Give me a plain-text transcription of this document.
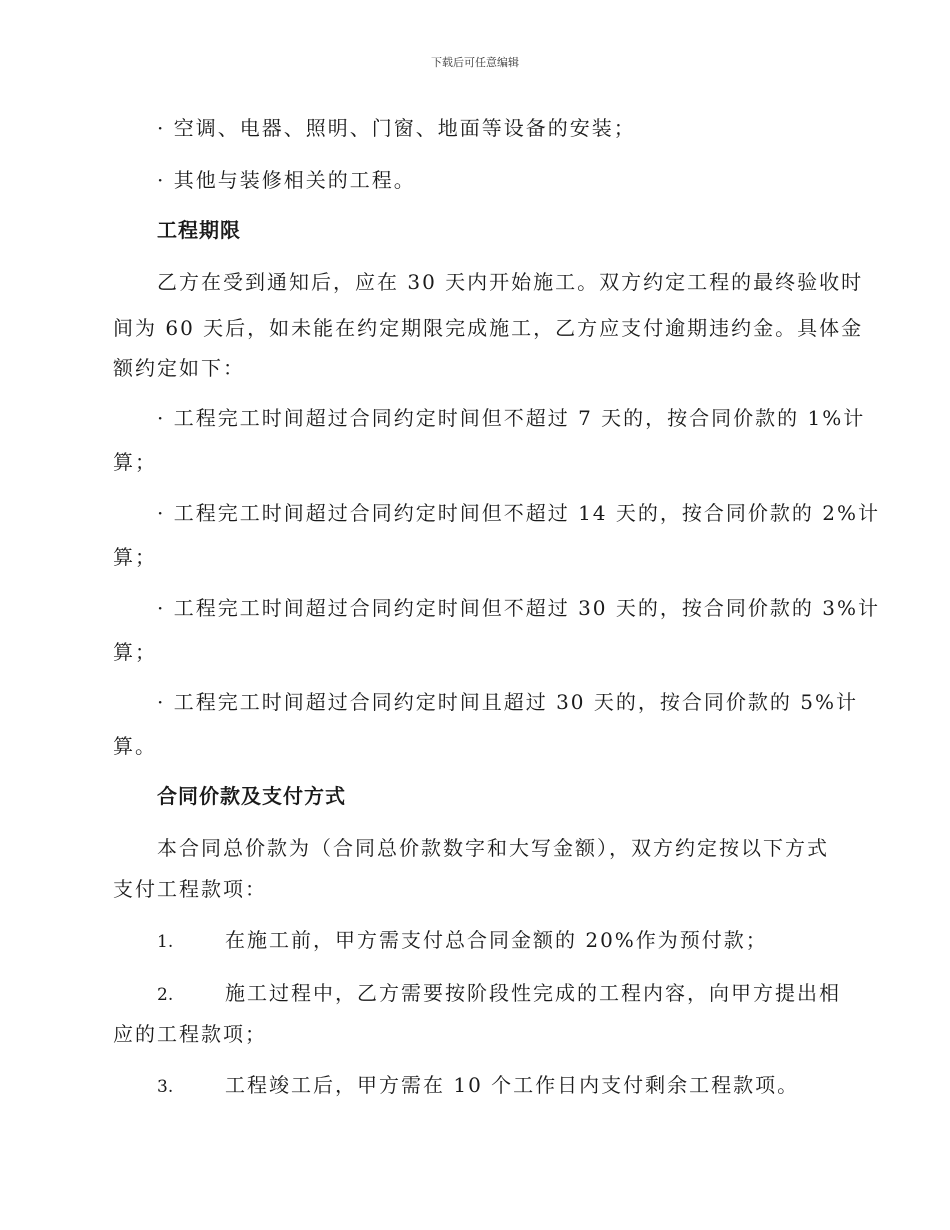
下载后可任意编辑
· 空调、电器、照明、门窗、地面等设备的安装；
· 其他与装修相关的工程。
工程期限
乙方在受到通知后，应在 30 天内开始施工。双方约定工程的最终验收时
间为 60 天后，如未能在约定期限完成施工，乙方应支付逾期违约金。具体金
额约定如下：
· 工程完工时间超过合同约定时间但不超过 7 天的，按合同价款的 1%计
算；
· 工程完工时间超过合同约定时间但不超过 14 天的，按合同价款的 2%计
算；
· 工程完工时间超过合同约定时间但不超过 30 天的，按合同价款的 3%计
算；
· 工程完工时间超过合同约定时间且超过 30 天的，按合同价款的 5%计
算。
合同价款及支付方式
本合同总价款为（合同总价款数字和大写金额），双方约定按以下方式
支付工程款项：
1.	在施工前，甲方需支付总合同金额的 20%作为预付款；
2.	施工过程中，乙方需要按阶段性完成的工程内容，向甲方提出相
应的工程款项；
3.	工程竣工后，甲方需在 10 个工作日内支付剩余工程款项。
